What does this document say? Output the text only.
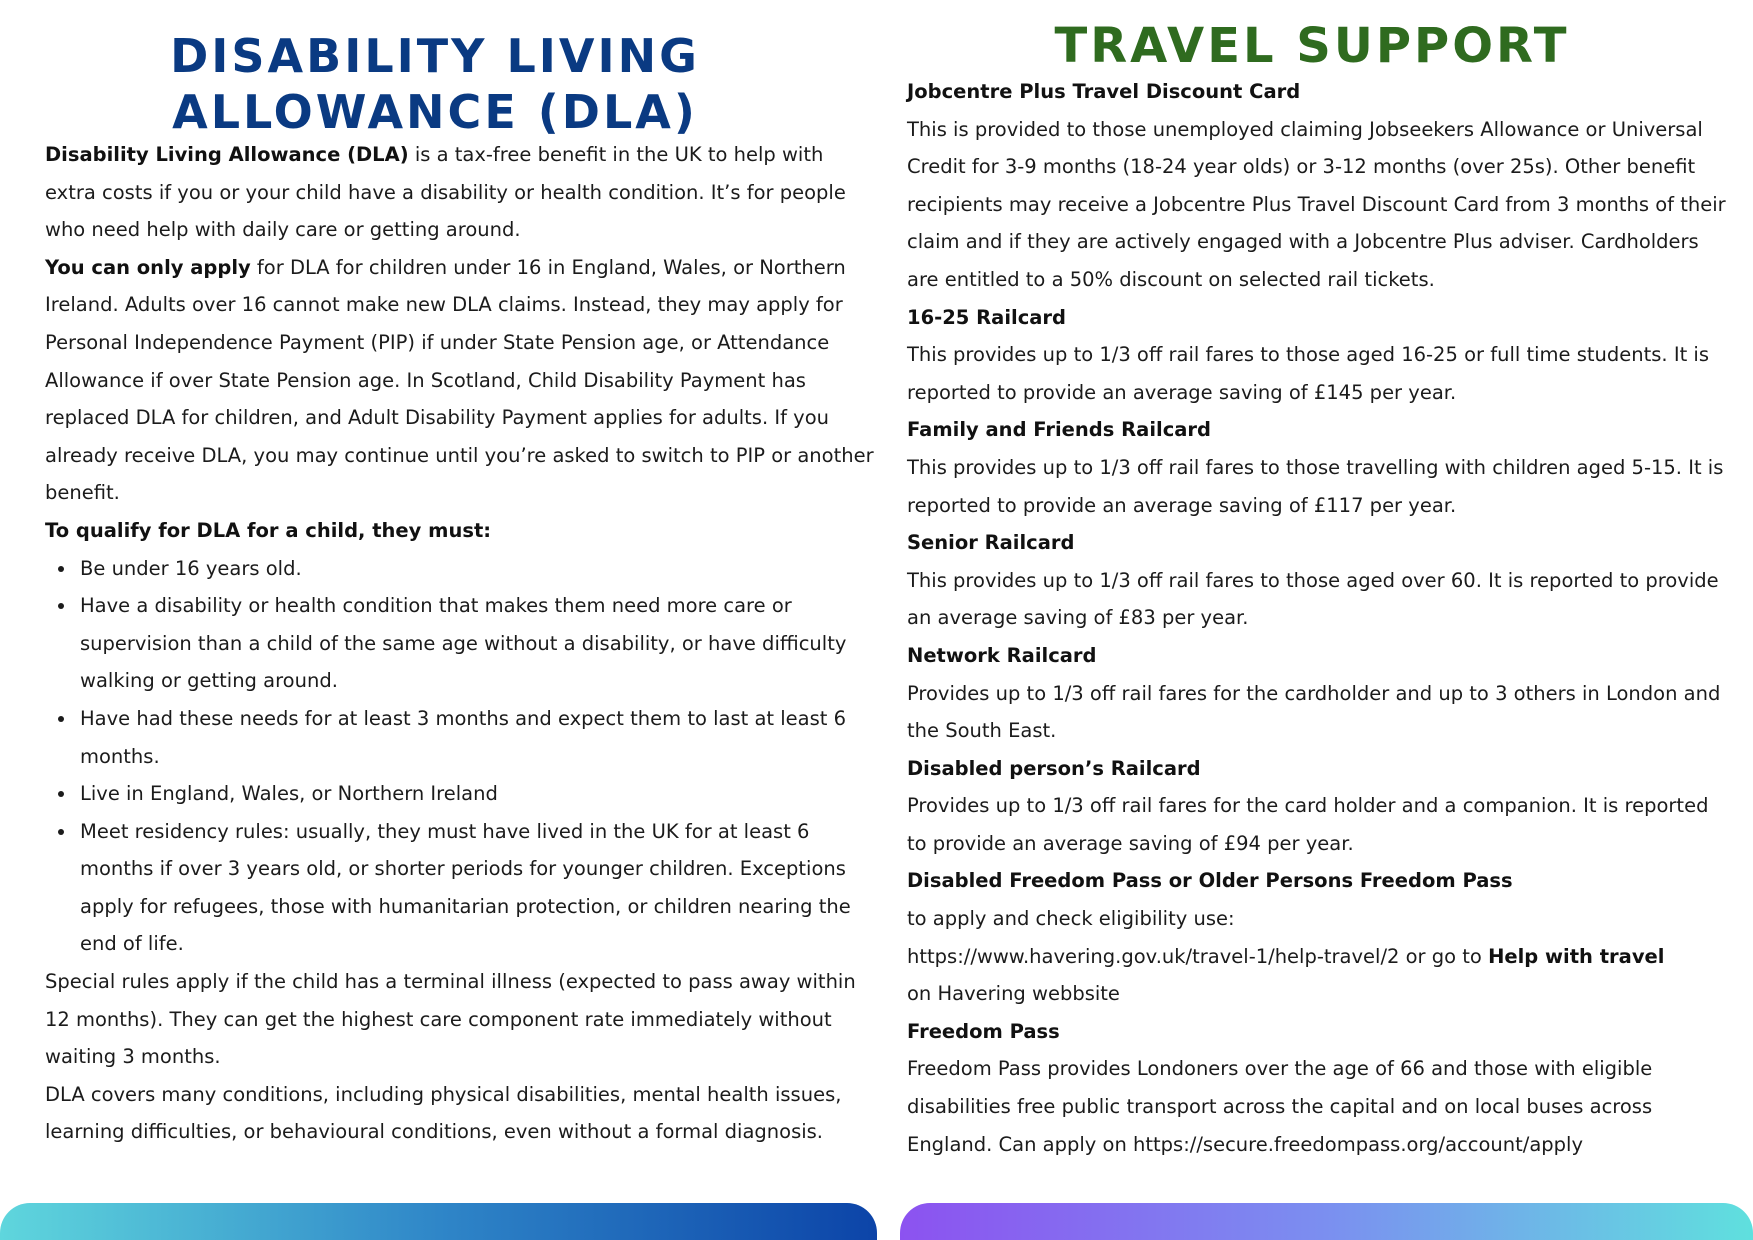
DISABILITY LIVING
ALLOWANCE (DLA)

Disability Living Allowance (DLA) is a tax-free benefit in the UK to help with extra costs if you or your child have a disability or health condition. It’s for people who need help with daily care or getting around.

You can only apply for DLA for children under 16 in England, Wales, or Northern Ireland. Adults over 16 cannot make new DLA claims. Instead, they may apply for Personal Independence Payment (PIP) if under State Pension age, or Attendance Allowance if over State Pension age. In Scotland, Child Disability Payment has replaced DLA for children, and Adult Disability Payment applies for adults. If you already receive DLA, you may continue until you’re asked to switch to PIP or another benefit.

To qualify for DLA for a child, they must:

Be under 16 years old.
Have a disability or health condition that makes them need more care or supervision than a child of the same age without a disability, or have difficulty walking or getting around.
Have had these needs for at least 3 months and expect them to last at least 6 months.
Live in England, Wales, or Northern Ireland
Meet residency rules: usually, they must have lived in the UK for at least 6 months if over 3 years old, or shorter periods for younger children. Exceptions apply for refugees, those with humanitarian protection, or children nearing the end of life.

Special rules apply if the child has a terminal illness (expected to pass away within 12 months). They can get the highest care component rate immediately without waiting 3 months.

DLA covers many conditions, including physical disabilities, mental health issues, learning difficulties, or behavioural conditions, even without a formal diagnosis.

TRAVEL SUPPORT

Jobcentre Plus Travel Discount Card

This is provided to those unemployed claiming Jobseekers Allowance or Universal Credit for 3-9 months (18-24 year olds) or 3-12 months (over 25s). Other benefit recipients may receive a Jobcentre Plus Travel Discount Card from 3 months of their claim and if they are actively engaged with a Jobcentre Plus adviser. Cardholders are entitled to a 50% discount on selected rail tickets.

16-25 Railcard

This provides up to 1/3 off rail fares to those aged 16-25 or full time students. It is reported to provide an average saving of £145 per year.

Family and Friends Railcard

This provides up to 1/3 off rail fares to those travelling with children aged 5-15. It is reported to provide an average saving of £117 per year.

Senior Railcard

This provides up to 1/3 off rail fares to those aged over 60. It is reported to provide an average saving of £83 per year.

Network Railcard

Provides up to 1/3 off rail fares for the cardholder and up to 3 others in London and the South East.

Disabled person’s Railcard

Provides up to 1/3 off rail fares for the card holder and a companion. It is reported to provide an average saving of £94 per year.

Disabled Freedom Pass or Older Persons Freedom Pass

to apply and check eligibility use:

https://www.havering.gov.uk/travel-1/help-travel/2 or go to Help with travel
on Havering webbsite

Freedom Pass

Freedom Pass provides Londoners over the age of 66 and those with eligible disabilities free public transport across the capital and on local buses across England. Can apply on https://secure.freedompass.org/account/apply
